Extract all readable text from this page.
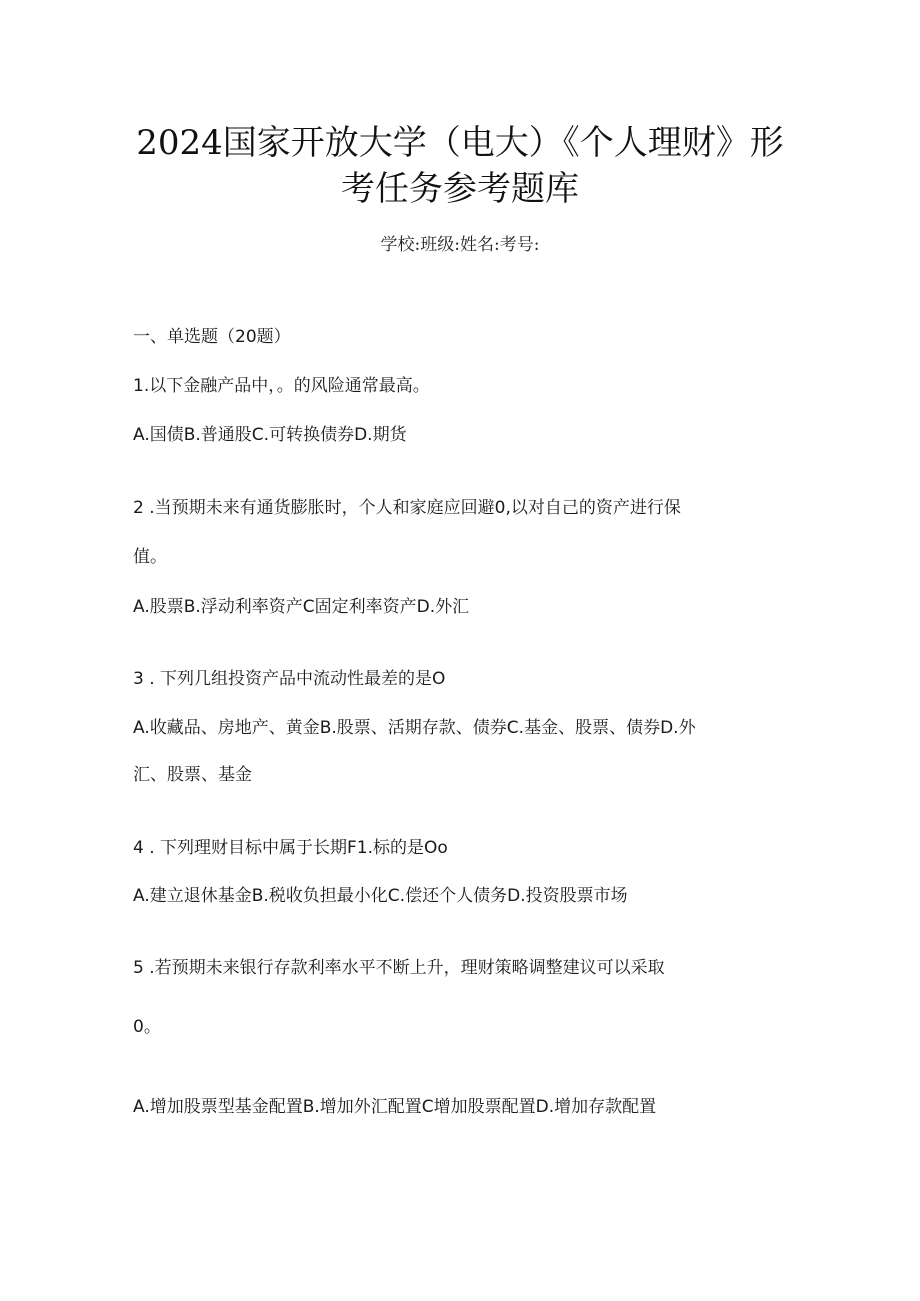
2024国家开放大学（电大）《个人理财》形
考任务参考题库
学校:班级:姓名:考号:
一、单选题（20题）
1.以下金融产品中，。的风险通常最高。
A.国债B.普通股C.可转换债券D.期货
2 .当预期未来有通货膨胀时，个人和家庭应回避0,以对自己的资产进行保
值。
A.股票B.浮动利率资产C固定利率资产D.外汇
3 . 下列几组投资产品中流动性最差的是O
A.收藏品、房地产、黄金B.股票、活期存款、债券C.基金、股票、债券D.外
汇、股票、基金
4 . 下列理财目标中属于长期F1.标的是Oo
A.建立退休基金B.税收负担最小化C.偿还个人债务D.投资股票市场
5 .若预期未来银行存款利率水平不断上升，理财策略调整建议可以采取
0。
A.增加股票型基金配置B.增加外汇配置C增加股票配置D.增加存款配置
